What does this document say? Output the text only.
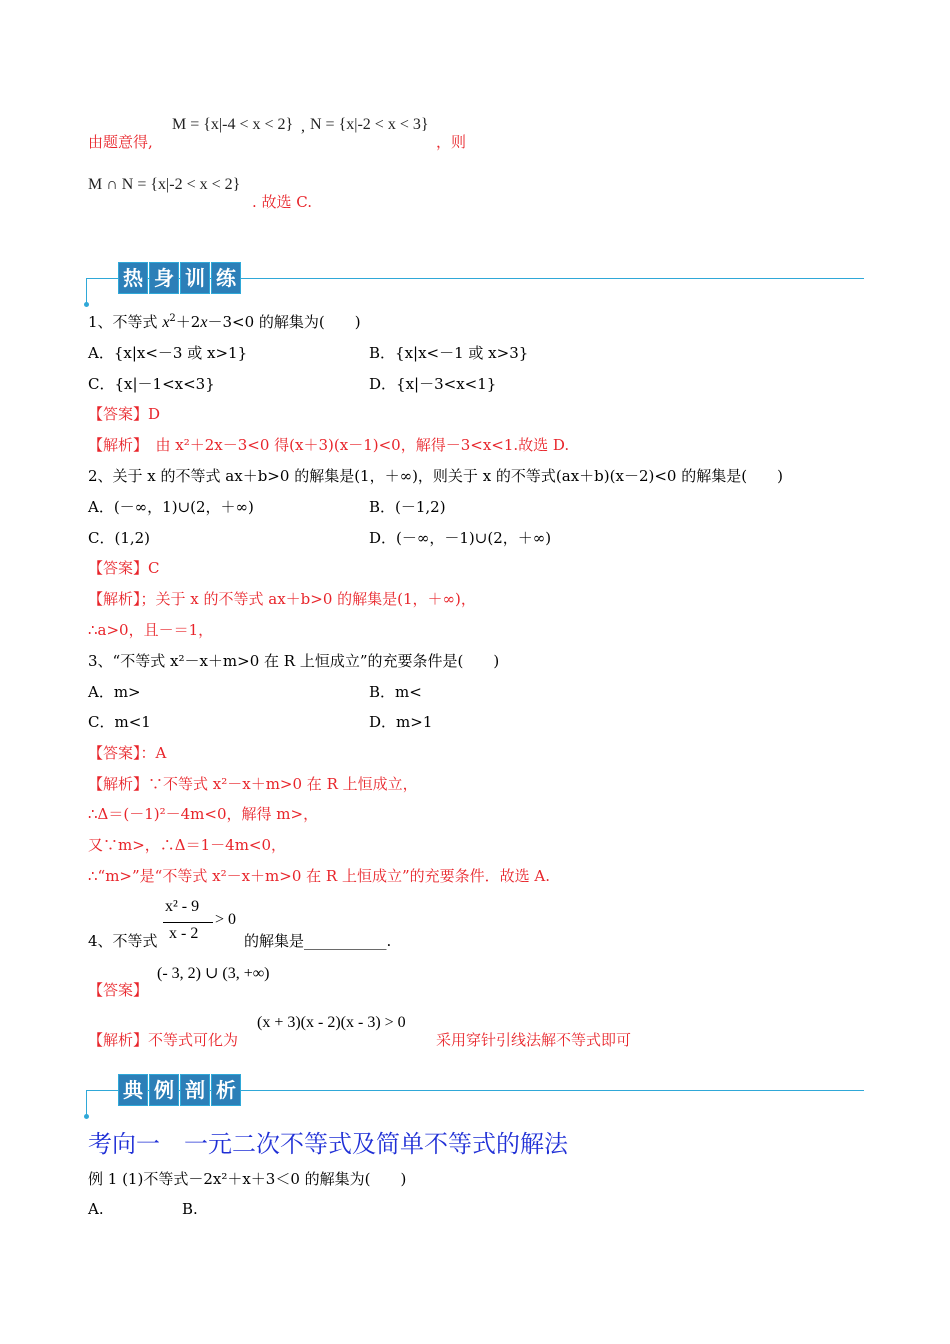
由题意得,
M = {x|-4 < x < 2} , N = {x|-2 < x < 3}
，则
M ∩ N = {x|-2 < x < 2}
. 故选 C.
热 身 训 练
1、不等式 $x^2+2x-3<0$ 的解集为(　　)
A．{x|x<－3 或 x>1}	B．{x|x<－1 或 x>3}
C．{x|－1<x<3}	D．{x|－3<x<1}
【答案】D
【解析】　由 x²＋2x－3<0 得(x＋3)(x－1)<0，解得－3<x<1.故选 D.
2、关于 x 的不等式 ax＋b>0 的解集是(1，＋∞)，则关于 x 的不等式(ax＋b)(x－2)<0 的解集是(　　)
A．(－∞，1)∪(2，＋∞)	B．(－1,2)
C．(1,2)	D．(－∞，－1)∪(2，＋∞)
【答案】C
【解析】；关于 x 的不等式 ax＋b>0 的解集是(1，＋∞)，
∴a>0，且－＝1，
3、“不等式 x²－x＋m>0 在 R 上恒成立”的充要条件是(　　)
A．m>	B．m<
C．m<1	D．m>1
【答案】：A
【解析】∵不等式 x²－x＋m>0 在 R 上恒成立，
∴Δ＝(－1)²－4m<0，解得 m>，
又∵m>，∴Δ＝1－4m<0，
∴“m>”是“不等式 x²－x＋m>0 在 R 上恒成立”的充要条件．故选 A.
4、不等式
x² - 9
x - 2
> 0
的解集是___________.
(- 3, 2) ∪ (3, +∞)
【答案】
(x + 3)(x - 2)(x - 3) > 0
【解析】不等式可化为	采用穿针引线法解不等式即可
典 例 剖 析
考向一　一元二次不等式及简单不等式的解法
例 1 (1)不等式－2x²＋x＋3＜0 的解集为(　　)
A.	B.
